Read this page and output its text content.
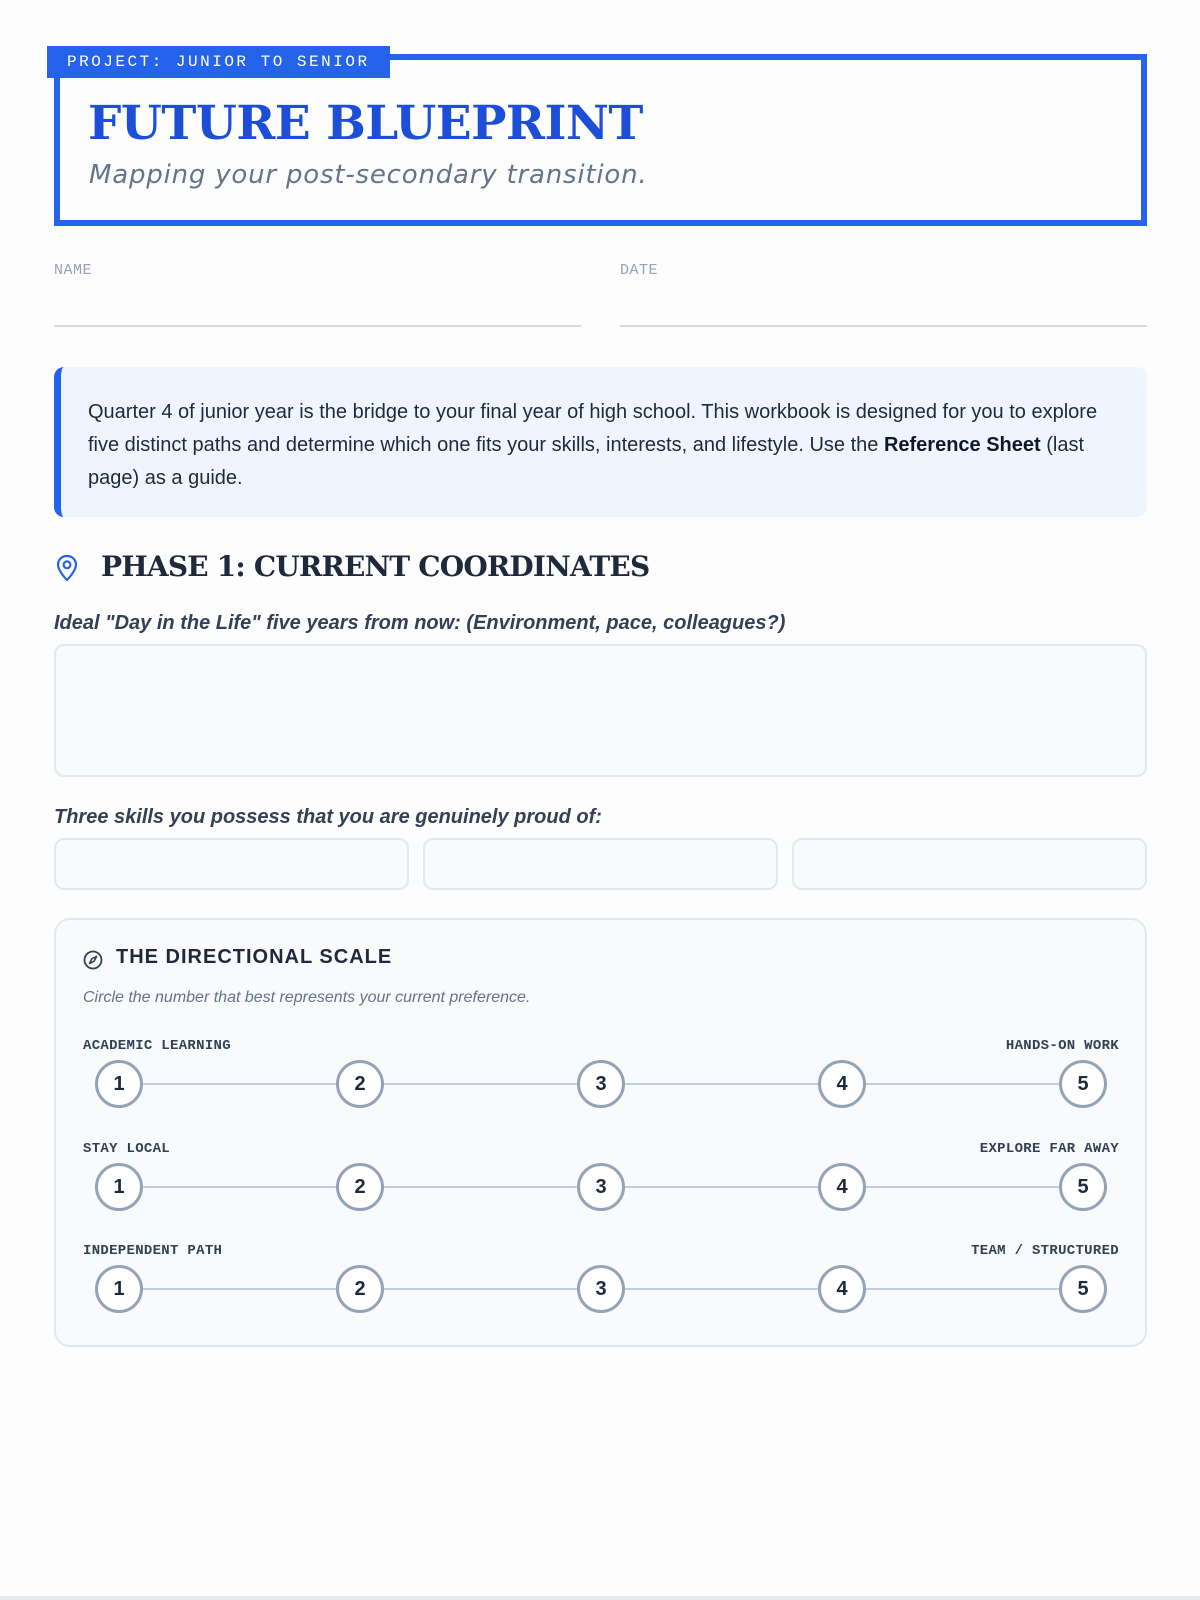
PROJECT: JUNIOR TO SENIOR
FUTURE BLUEPRINT
Mapping your post-secondary transition.
NAME	DATE
Quarter 4 of junior year is the bridge to your final year of high school. This workbook is designed for you to explore five distinct paths and determine which one fits your skills, interests, and lifestyle. Use the Reference Sheet (last page) as a guide.
PHASE 1: CURRENT COORDINATES
Ideal "Day in the Life" five years from now: (Environment, pace, colleagues?)
Three skills you possess that you are genuinely proud of:
THE DIRECTIONAL SCALE
Circle the number that best represents your current preference.
ACADEMIC LEARNING	HANDS-ON WORK
1	2	3	4	5
STAY LOCAL	EXPLORE FAR AWAY
1	2	3	4	5
INDEPENDENT PATH	TEAM / STRUCTURED
1	2	3	4	5
